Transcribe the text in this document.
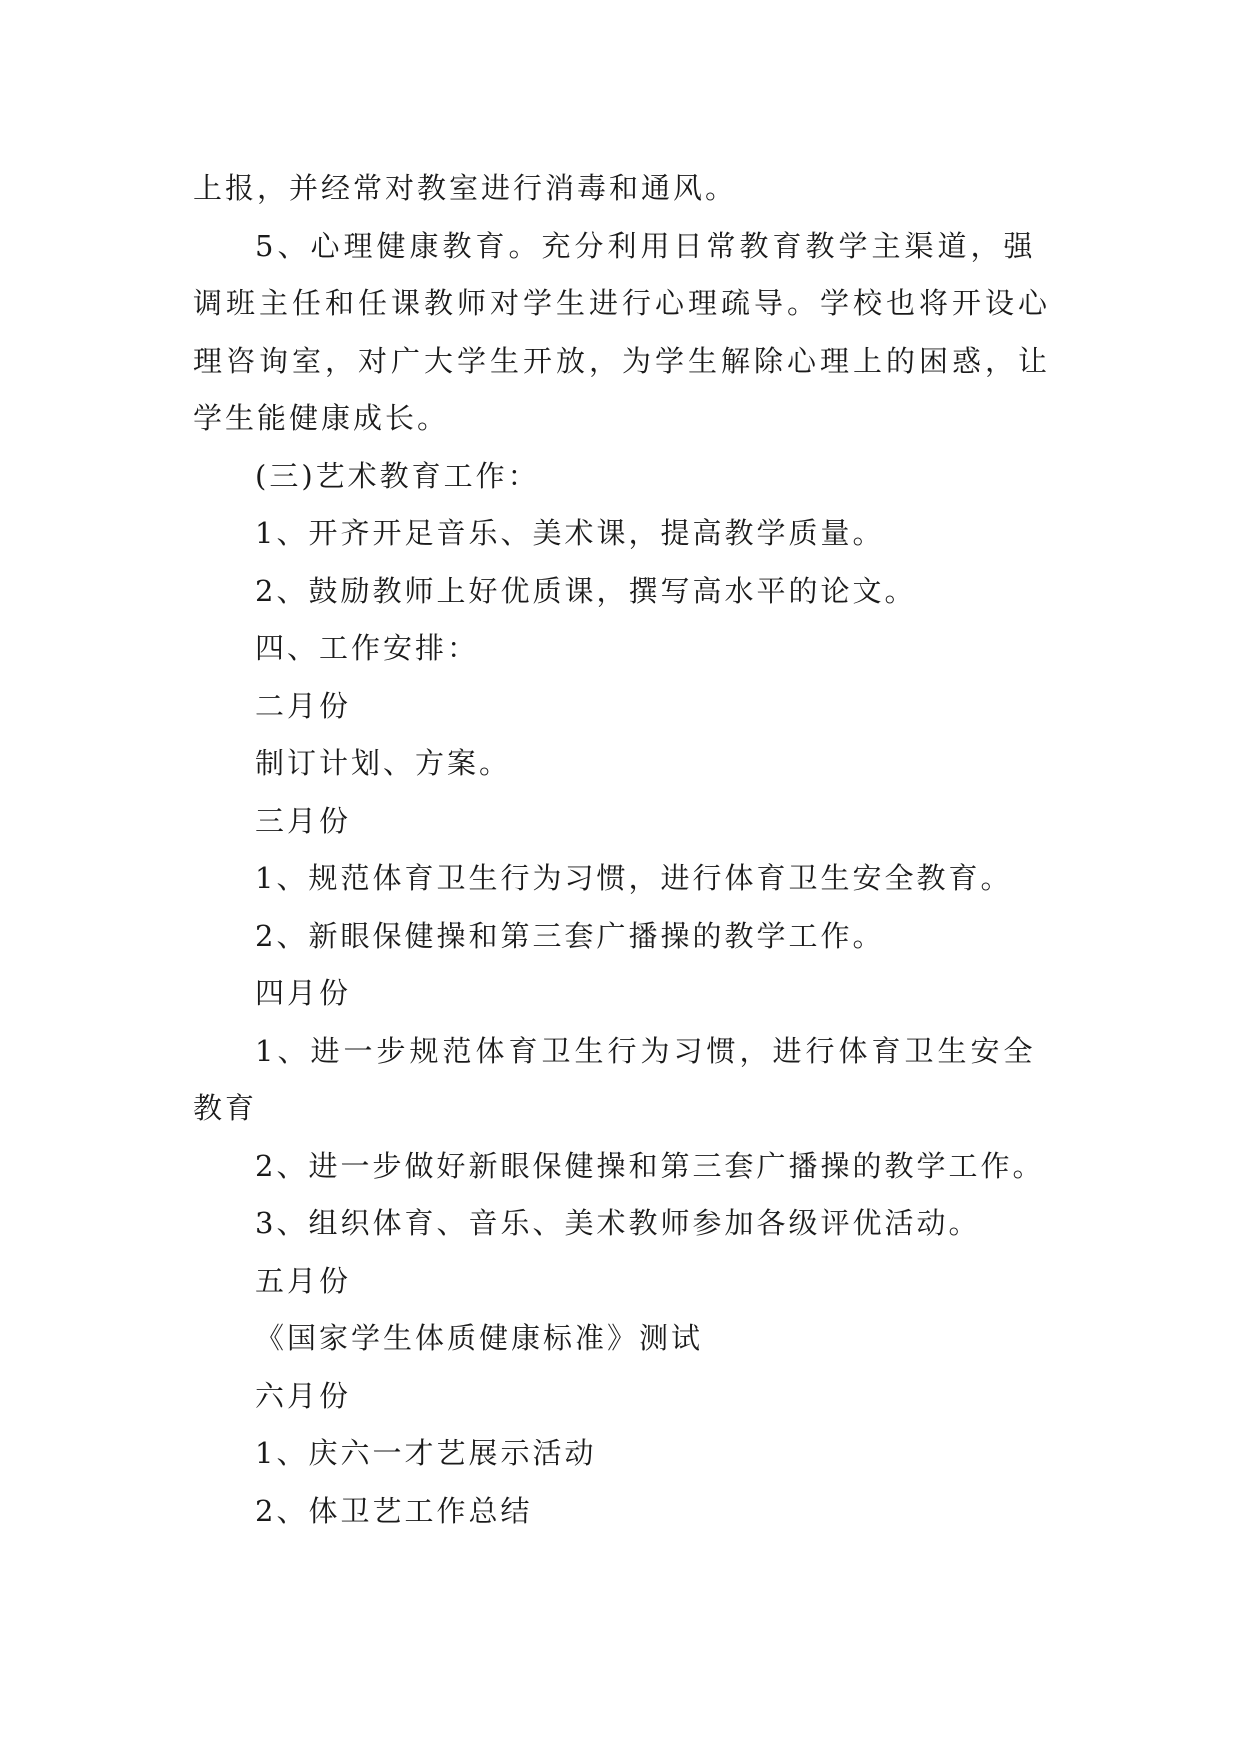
上报，并经常对教室进行消毒和通风。
5、心理健康教育。充分利用日常教育教学主渠道，强
调班主任和任课教师对学生进行心理疏导。学校也将开设心
理咨询室，对广大学生开放，为学生解除心理上的困惑，让
学生能健康成长。
(三)艺术教育工作：
1、开齐开足音乐、美术课，提高教学质量。
2、鼓励教师上好优质课，撰写高水平的论文。
四、工作安排：
二月份
制订计划、方案。
三月份
1、规范体育卫生行为习惯，进行体育卫生安全教育。
2、新眼保健操和第三套广播操的教学工作。
四月份
1、进一步规范体育卫生行为习惯，进行体育卫生安全
教育
2、进一步做好新眼保健操和第三套广播操的教学工作。
3、组织体育、音乐、美术教师参加各级评优活动。
五月份
《国家学生体质健康标准》测试
六月份
1、庆六一才艺展示活动
2、体卫艺工作总结
